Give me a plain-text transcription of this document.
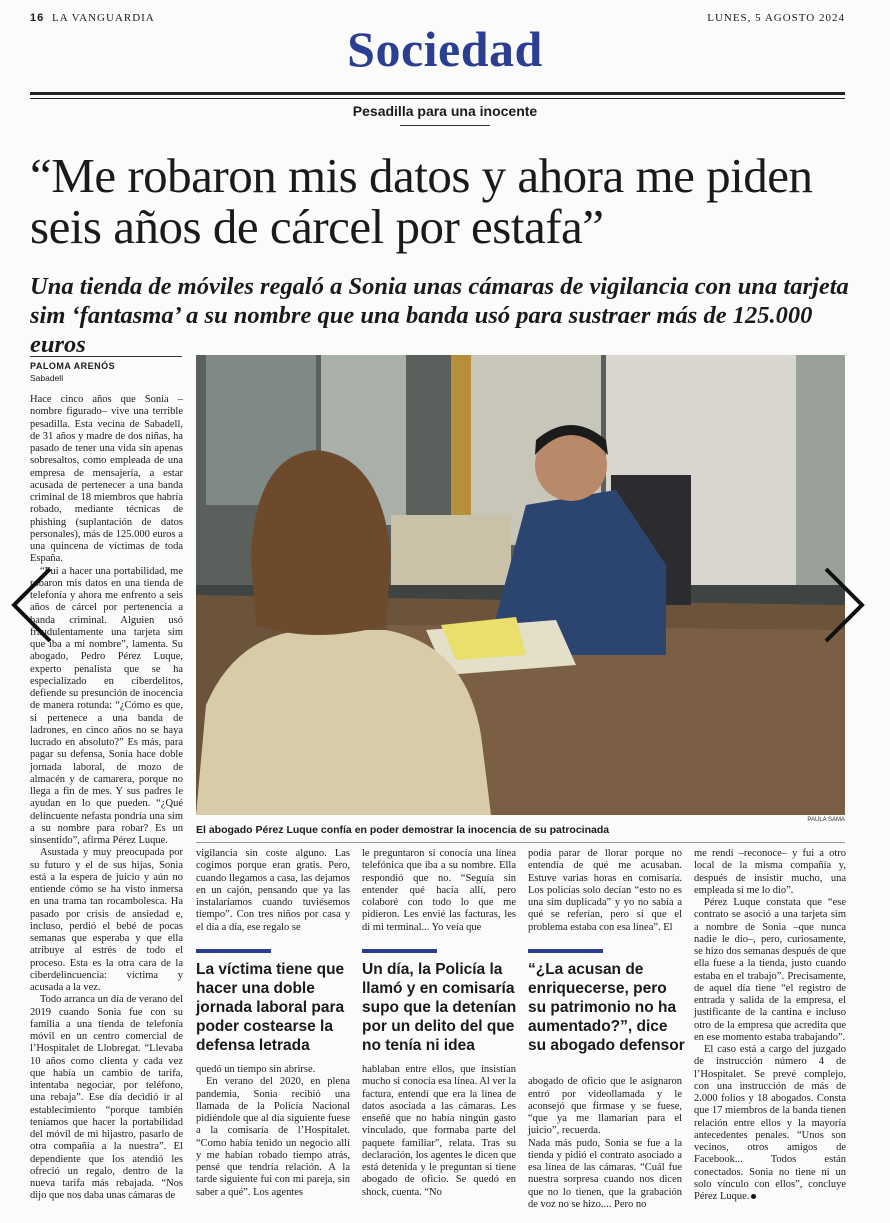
16 LA VANGUARDIA	LUNES, 5 AGOSTO 2024
Sociedad
Pesadilla para una inocente
“Me robaron mis datos y ahora me piden seis años de cárcel por estafa”
Una tienda de móviles regaló a Sonia unas cámaras de vigilancia con una tarjeta sim ‘fantasma’ a su nombre que una banda usó para sustraer más de 125.000 euros
PALOMA ARENÓS
Sabadell

Hace cinco años que Sonia –nombre figurado– vive una terrible pesadilla. Esta vecina de Sabadell, de 31 años y madre de dos niñas, ha pasado de tener una vida sin apenas sobresaltos, como empleada de una empresa de mensajería, a estar acusada de pertenecer a una banda criminal de 18 miembros que habría robado, mediante técnicas de phishing (suplantación de datos personales), más de 125.000 euros a una quincena de víctimas de toda España.

“Fui a hacer una portabilidad, me robaron mis datos en una tienda de telefonía y ahora me enfrento a seis años de cárcel por pertenencia a banda criminal. Alguien usó fraudulentamente una tarjeta sim que iba a mi nombre”, lamenta. Su abogado, Pedro Pérez Luque, experto penalista que se ha especializado en ciberdelitos, defiende su presunción de inocencia de manera rotunda: “¿Cómo es que, si pertenece a una banda de ladrones, en cinco años no se haya lucrado en absoluto?” Es más, para pagar su defensa, Sonia hace doble jornada laboral, de mozo de almacén y de camarera, porque no llega a fin de mes. Y sus padres le ayudan en lo que pueden. “¿Qué delincuente nefasta pondría una sim a su nombre para robar? Es un sinsentido”, afirma Pérez Luque.

Asustada y muy preocupada por su futuro y el de sus hijas, Sonia está a la espera de juicio y aún no entiende cómo se ha visto inmersa en una trama tan rocambolesca. Ha pasado por crisis de ansiedad e, incluso, perdió el bebé de pocas semanas que esperaba y que ella atribuye al estrés de todo el proceso. Esta es la otra cara de la ciberdelincuencia: víctima y acusada a la vez.

Todo arranca un día de verano del 2019 cuando Sonia fue con su familia a una tienda de telefonía móvil en un centro comercial de l’Hospitalet de Llobregat. “Llevaba 10 años como clienta y cada vez que había un cambio de tarifa, intentaba negociar, por teléfono, una rebaja”. Ese día decidió ir al establecimiento “porque también teníamos que hacer la portabilidad del móvil de mi hijastro, pasarlo de otra compañía a la nuestra”. El dependiente que los atendió les ofreció un regalo, dentro de la nueva tarifa más rebajada. “Nos dijo que nos daba unas cámaras de

PAULA SAMA
El abogado Pérez Luque confía en poder demostrar la inocencia de su patrocinada

vigilancia sin coste alguno. Las cogimos porque eran gratis. Pero, cuando llegamos a casa, las dejamos en un cajón, pensando que ya las instalaríamos cuando tuviésemos tiempo”. Con tres niños por casa y el día a día, ese regalo se

La víctima tiene que hacer una doble jornada laboral para poder costearse la defensa letrada

quedó un tiempo sin abrirse.

En verano del 2020, en plena pandemia, Sonia recibió una llamada de la Policía Nacional pidiéndole que al día siguiente fuese a la comisaría de l’Hospitalet. “Como había tenido un negocio allí y me habían robado tiempo atrás, pensé que tendría relación. A la tarde siguiente fui con mi pareja, sin saber a qué”. Los agentes

le preguntaron si conocía una línea telefónica que iba a su nombre. Ella respondió que no. “Seguía sin entender qué hacía allí, pero colaboré con todo lo que me pidieron. Les envié las facturas, les di mi terminal... Yo veía que

Un día, la Policía la llamó y en comisaría supo que la detenían por un delito del que no tenía ni idea

hablaban entre ellos, que insistían mucho si conocía esa línea. Al ver la factura, entendí que era la línea de datos asociada a las cámaras. Les enseñé que no había ningún gasto vinculado, que formaba parte del paquete familiar”, relata. Tras su declaración, los agentes le dicen que está detenida y le preguntan si tiene abogado de oficio. Se quedó en shock, cuenta. “No

podía parar de llorar porque no entendía de qué me acusaban. Estuve varias horas en comisaría. Los policías solo decían “esto no es una sim duplicada” y yo no sabía a qué se referían, pero sí que el problema estaba con esa línea”. El

“¿La acusan de enriquecerse, pero su patrimonio no ha aumentado?”, dice su abogado defensor

abogado de oficio que le asignaron entró por videollamada y le aconsejó que firmase y se fuese, “que ya me llamarían para el juicio”, recuerda.
Nada más pudo, Sonia se fue a la tienda y pidió el contrato asociado a esa línea de las cámaras. “Cuál fue nuestra sorpresa cuando nos dicen que no lo tienen, que la grabación de voz no se hizo.... Pero no

me rendí –reconoce– y fui a otro local de la misma compañía y, después de insistir mucho, una empleada sí me lo dio”.

Pérez Luque constata que “ese contrato se asoció a una tarjeta sim a nombre de Sonia –que nunca nadie le dio–, pero, curiosamente, se hizo dos semanas después de que ella fuese a la tienda, justo cuando estaba en el trabajo”. Precisamente, de aquel día tiene “el registro de entrada y salida de la empresa, el justificante de la cantina e incluso otro de la empresa que acredita que en ese momento estaba trabajando”.

El caso está a cargo del juzgado de instrucción número 4 de l’Hospitalet. Se prevé complejo, con una instrucción de más de 2.000 folios y 18 abogados. Consta que 17 miembros de la banda tienen relación entre ellos y la mayoría antecedentes penales. “Unos son vecinos, otros amigos de Facebook... Todos están conectados. Sonia no tiene ni un solo vínculo con ellos”, concluye Pérez Luque.
